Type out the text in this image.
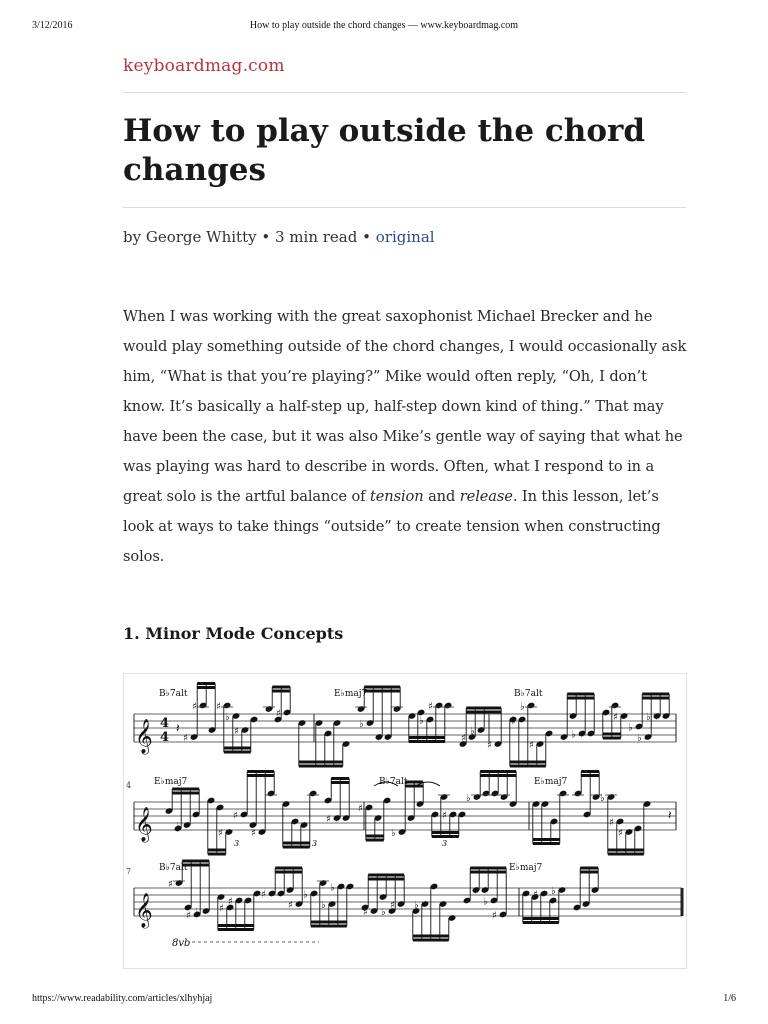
3/12/2016	How to play outside the chord changes — www.keyboardmag.com
keyboardmag.com
How to play outside the chord changes
by George Whitty • 3 min read • original

When I was working with the great saxophonist Michael Brecker and he would play something outside of the chord changes, I would occasionally ask him, “What is that you’re playing?” Mike would often reply, “Oh, I don’t know. It’s basically a half-step up, half-step down kind of thing.” That may have been the case, but it was also Mike’s gentle way of saying that what he was playing was hard to describe in words. Often, what I respond to in a great solo is the artful balance of tension and release. In this lesson, let’s look at ways to take things “outside” to create tension when constructing solos.

1. Minor Mode Concepts
𝄞 4
4
B♭7alt	E♭maj7	B♭7alt
♯
♯ ♯
♭
♯
♯
♭
♯
♭
♯
♯
♭
♯
♭
♭
♯
♭ ♯
♯
♭
♭
♭ ♯
𝄞
4	E♭maj7	B♭7alt	E♭maj7
♭
♯
♯
♯
♯ ♯
♯
♭
♯
♭	♭
♯
♯
𝄞
7	B♭7alt	E♭maj7
♯
♯ ♭ ♯
♯
♯
♯
♭
♭
♭
♯ ♭
♯ ♭
♯
♭
♯
♯ ♭
3	3	3
𝄽
𝄽
8vb
https://www.readability.com/articles/xlhyhjaj	1/6
